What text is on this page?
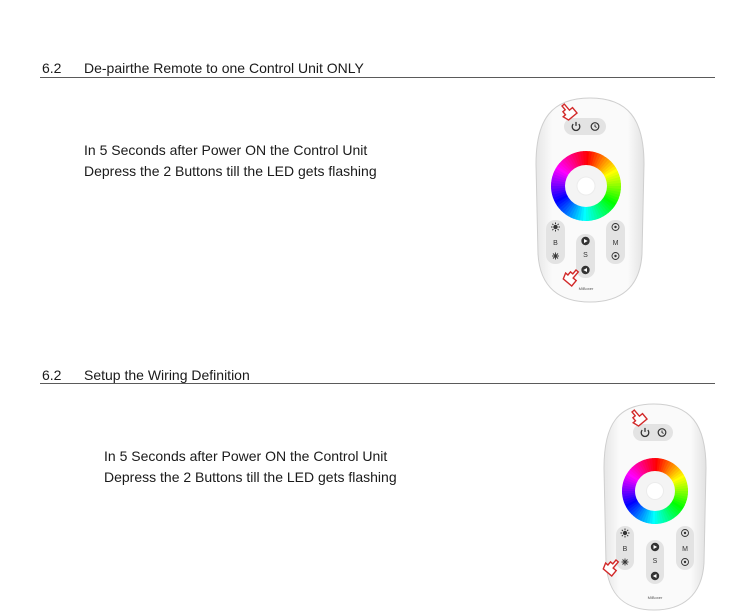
6.2 De-pairthe Remote to one Control Unit ONLY
In 5 Seconds after Power ON the Control Unit
Depress the 2 Buttons till the LED gets flashing
B
S
M
MiBoxer
6.2 Setup the Wiring Definition
In 5 Seconds after Power ON the Control Unit
Depress the 2 Buttons till the LED gets flashing
B
S
M
MiBoxer
